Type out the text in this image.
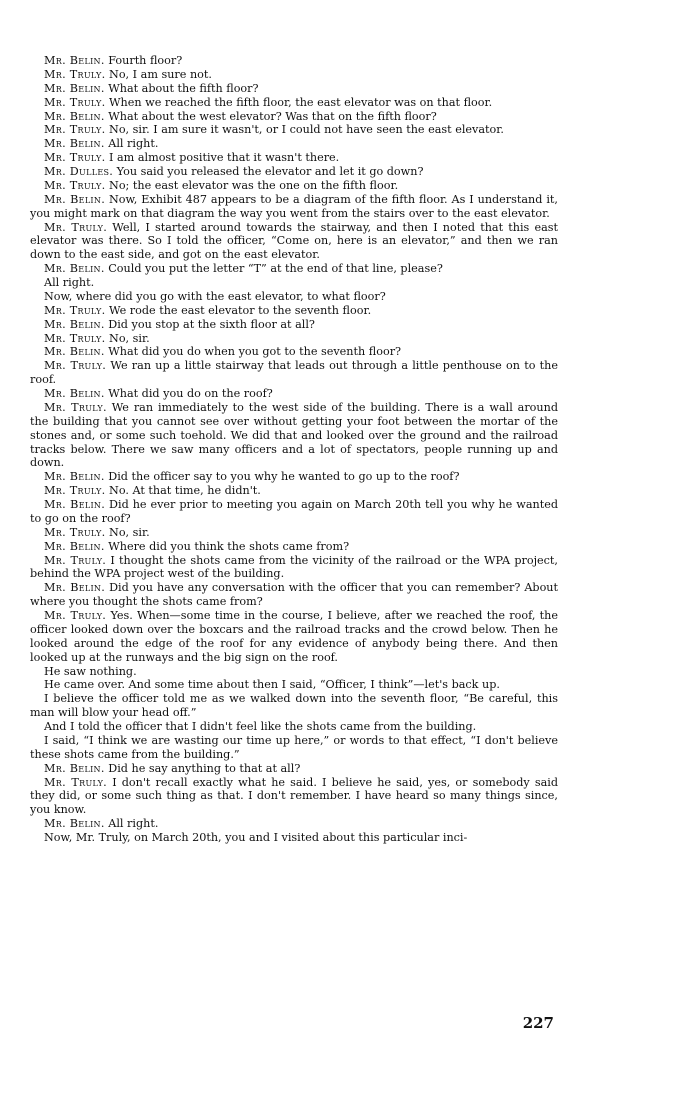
Mr. Belin. Fourth floor?

Mr. Truly. No, I am sure not.

Mr. Belin. What about the fifth floor?

Mr. Truly. When we reached the fifth floor, the east elevator was on that floor.

Mr. Belin. What about the west elevator? Was that on the fifth floor?

Mr. Truly. No, sir. I am sure it wasn't, or I could not have seen the east elevator.

Mr. Belin. All right.

Mr. Truly. I am almost positive that it wasn't there.

Mr. Dulles. You said you released the elevator and let it go down?

Mr. Truly. No; the east elevator was the one on the fifth floor.

Mr. Belin. Now, Exhibit 487 appears to be a diagram of the fifth floor. As I understand it, you might mark on that diagram the way you went from the stairs over to the east elevator.

Mr. Truly. Well, I started around towards the stairway, and then I noted that this east elevator was there. So I told the officer, “Come on, here is an elevator,” and then we ran down to the east side, and got on the east elevator.

Mr. Belin. Could you put the letter “T” at the end of that line, please?

All right.

Now, where did you go with the east elevator, to what floor?

Mr. Truly. We rode the east elevator to the seventh floor.

Mr. Belin. Did you stop at the sixth floor at all?

Mr. Truly. No, sir.

Mr. Belin. What did you do when you got to the seventh floor?

Mr. Truly. We ran up a little stairway that leads out through a little penthouse on to the roof.

Mr. Belin. What did you do on the roof?

Mr. Truly. We ran immediately to the west side of the building. There is a wall around the building that you cannot see over without getting your foot between the mortar of the stones and, or some such toehold. We did that and looked over the ground and the railroad tracks below. There we saw many officers and a lot of spectators, people running up and down.

Mr. Belin. Did the officer say to you why he wanted to go up to the roof?

Mr. Truly. No. At that time, he didn't.

Mr. Belin. Did he ever prior to meeting you again on March 20th tell you why he wanted to go on the roof?

Mr. Truly. No, sir.

Mr. Belin. Where did you think the shots came from?

Mr. Truly. I thought the shots came from the vicinity of the railroad or the WPA project, behind the WPA project west of the building.

Mr. Belin. Did you have any conversation with the officer that you can remember? About where you thought the shots came from?

Mr. Truly. Yes. When—some time in the course, I believe, after we reached the roof, the officer looked down over the boxcars and the railroad tracks and the crowd below. Then he looked around the edge of the roof for any evidence of anybody being there. And then looked up at the runways and the big sign on the roof.

He saw nothing.

He came over. And some time about then I said, “Officer, I think”—let's back up.

I believe the officer told me as we walked down into the seventh floor, “Be careful, this man will blow your head off.”

And I told the officer that I didn't feel like the shots came from the building.

I said, “I think we are wasting our time up here,” or words to that effect, “I don't believe these shots came from the building.”

Mr. Belin. Did he say anything to that at all?

Mr. Truly. I don't recall exactly what he said. I believe he said, yes, or somebody said they did, or some such thing as that. I don't remember. I have heard so many things since, you know.

Mr. Belin. All right.

Now, Mr. Truly, on March 20th, you and I visited about this particular inci-

227
